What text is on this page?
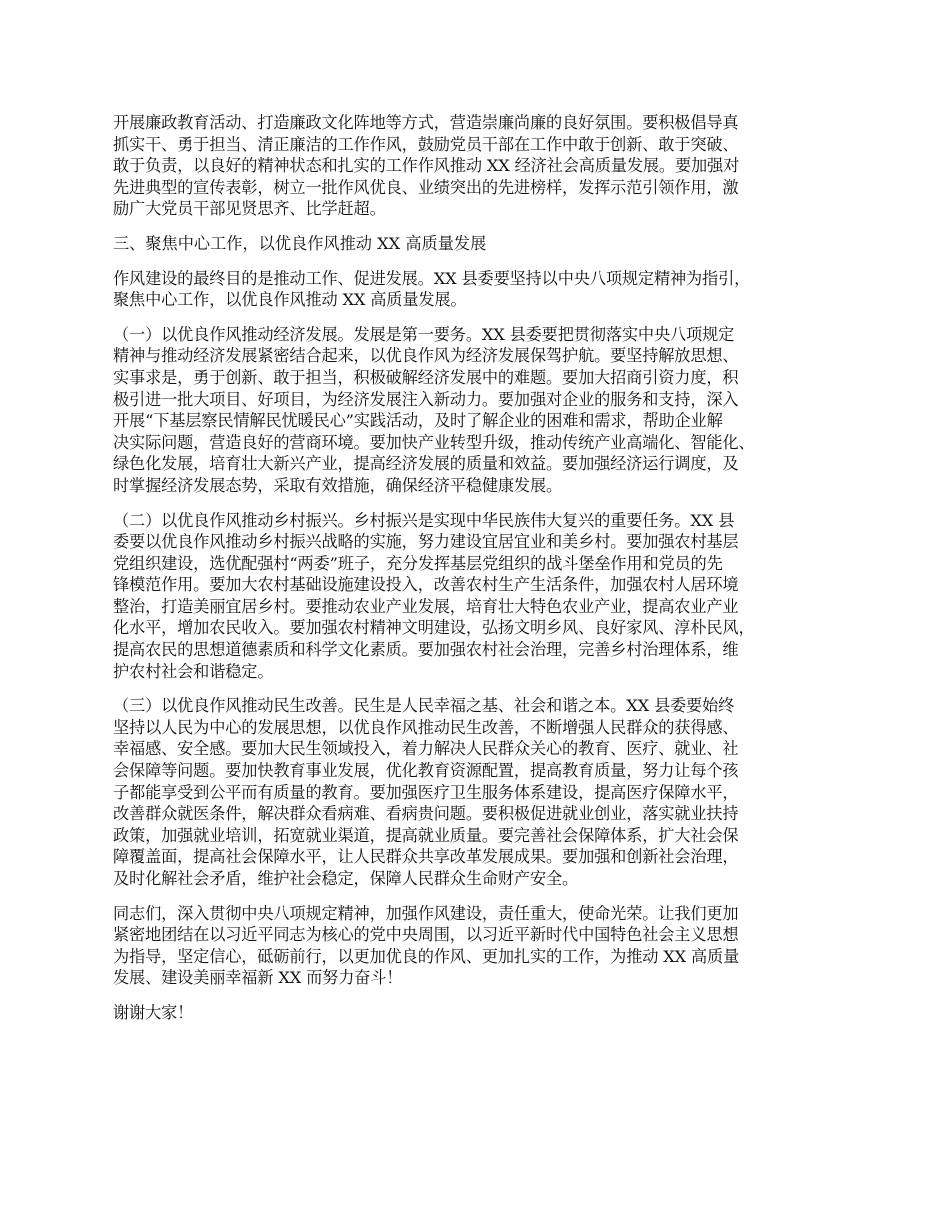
开展廉政教育活动、打造廉政文化阵地等方式，营造崇廉尚廉的良好氛围。要积极倡导真
抓实干、勇于担当、清正廉洁的工作作风，鼓励党员干部在工作中敢于创新、敢于突破、
敢于负责，以良好的精神状态和扎实的工作作风推动 XX 经济社会高质量发展。要加强对
先进典型的宣传表彰，树立一批作风优良、业绩突出的先进榜样，发挥示范引领作用，激
励广大党员干部见贤思齐、比学赶超。

三、聚焦中心工作，以优良作风推动 XX 高质量发展

作风建设的最终目的是推动工作、促进发展。XX 县委要坚持以中央八项规定精神为指引，
聚焦中心工作，以优良作风推动 XX 高质量发展。

（一）以优良作风推动经济发展。发展是第一要务。XX 县委要把贯彻落实中央八项规定
精神与推动经济发展紧密结合起来，以优良作风为经济发展保驾护航。要坚持解放思想、
实事求是，勇于创新、敢于担当，积极破解经济发展中的难题。要加大招商引资力度，积
极引进一批大项目、好项目，为经济发展注入新动力。要加强对企业的服务和支持，深入
开展“下基层察民情解民忧暖民心”实践活动，及时了解企业的困难和需求，帮助企业解
决实际问题，营造良好的营商环境。要加快产业转型升级，推动传统产业高端化、智能化、
绿色化发展，培育壮大新兴产业，提高经济发展的质量和效益。要加强经济运行调度，及
时掌握经济发展态势，采取有效措施，确保经济平稳健康发展。

（二）以优良作风推动乡村振兴。乡村振兴是实现中华民族伟大复兴的重要任务。XX 县
委要以优良作风推动乡村振兴战略的实施，努力建设宜居宜业和美乡村。要加强农村基层
党组织建设，选优配强村“两委”班子，充分发挥基层党组织的战斗堡垒作用和党员的先
锋模范作用。要加大农村基础设施建设投入，改善农村生产生活条件，加强农村人居环境
整治，打造美丽宜居乡村。要推动农业产业发展，培育壮大特色农业产业，提高农业产业
化水平，增加农民收入。要加强农村精神文明建设，弘扬文明乡风、良好家风、淳朴民风，
提高农民的思想道德素质和科学文化素质。要加强农村社会治理，完善乡村治理体系，维
护农村社会和谐稳定。

（三）以优良作风推动民生改善。民生是人民幸福之基、社会和谐之本。XX 县委要始终
坚持以人民为中心的发展思想，以优良作风推动民生改善，不断增强人民群众的获得感、
幸福感、安全感。要加大民生领域投入，着力解决人民群众关心的教育、医疗、就业、社
会保障等问题。要加快教育事业发展，优化教育资源配置，提高教育质量，努力让每个孩
子都能享受到公平而有质量的教育。要加强医疗卫生服务体系建设，提高医疗保障水平，
改善群众就医条件，解决群众看病难、看病贵问题。要积极促进就业创业，落实就业扶持
政策，加强就业培训，拓宽就业渠道，提高就业质量。要完善社会保障体系，扩大社会保
障覆盖面，提高社会保障水平，让人民群众共享改革发展成果。要加强和创新社会治理，
及时化解社会矛盾，维护社会稳定，保障人民群众生命财产安全。

同志们，深入贯彻中央八项规定精神，加强作风建设，责任重大，使命光荣。让我们更加
紧密地团结在以习近平同志为核心的党中央周围，以习近平新时代中国特色社会主义思想
为指导，坚定信心，砥砺前行，以更加优良的作风、更加扎实的工作，为推动 XX 高质量
发展、建设美丽幸福新 XX 而努力奋斗！

谢谢大家！
